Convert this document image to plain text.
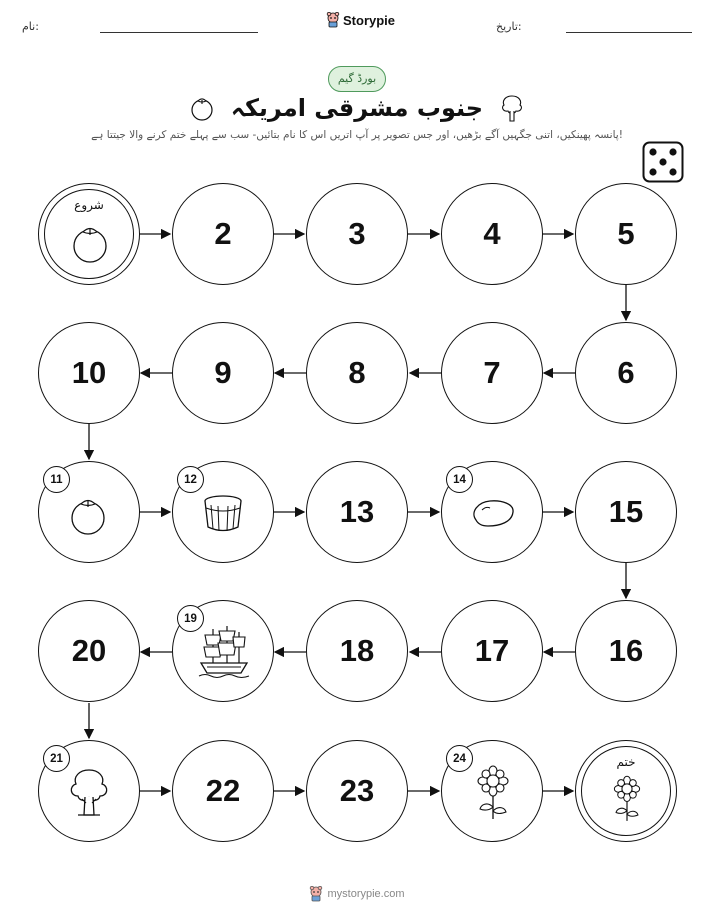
نام:	Storypie	تاریخ:
بورڈ گیم
جنوب مشرقی امریکہ
پانسہ پھینکیں، اتنی جگہیں آگے بڑھیں، اور جس تصویر پر آپ اتریں اس کا نام بتائیں- سب سے پہلے ختم کرنے والا جیتتا ہے!
شروع
2	3	4	5
10	9	8	7	6
11	12
13
14
15
20
19
18	17	16
21
22	23
24	ختم
mystorypie.com
